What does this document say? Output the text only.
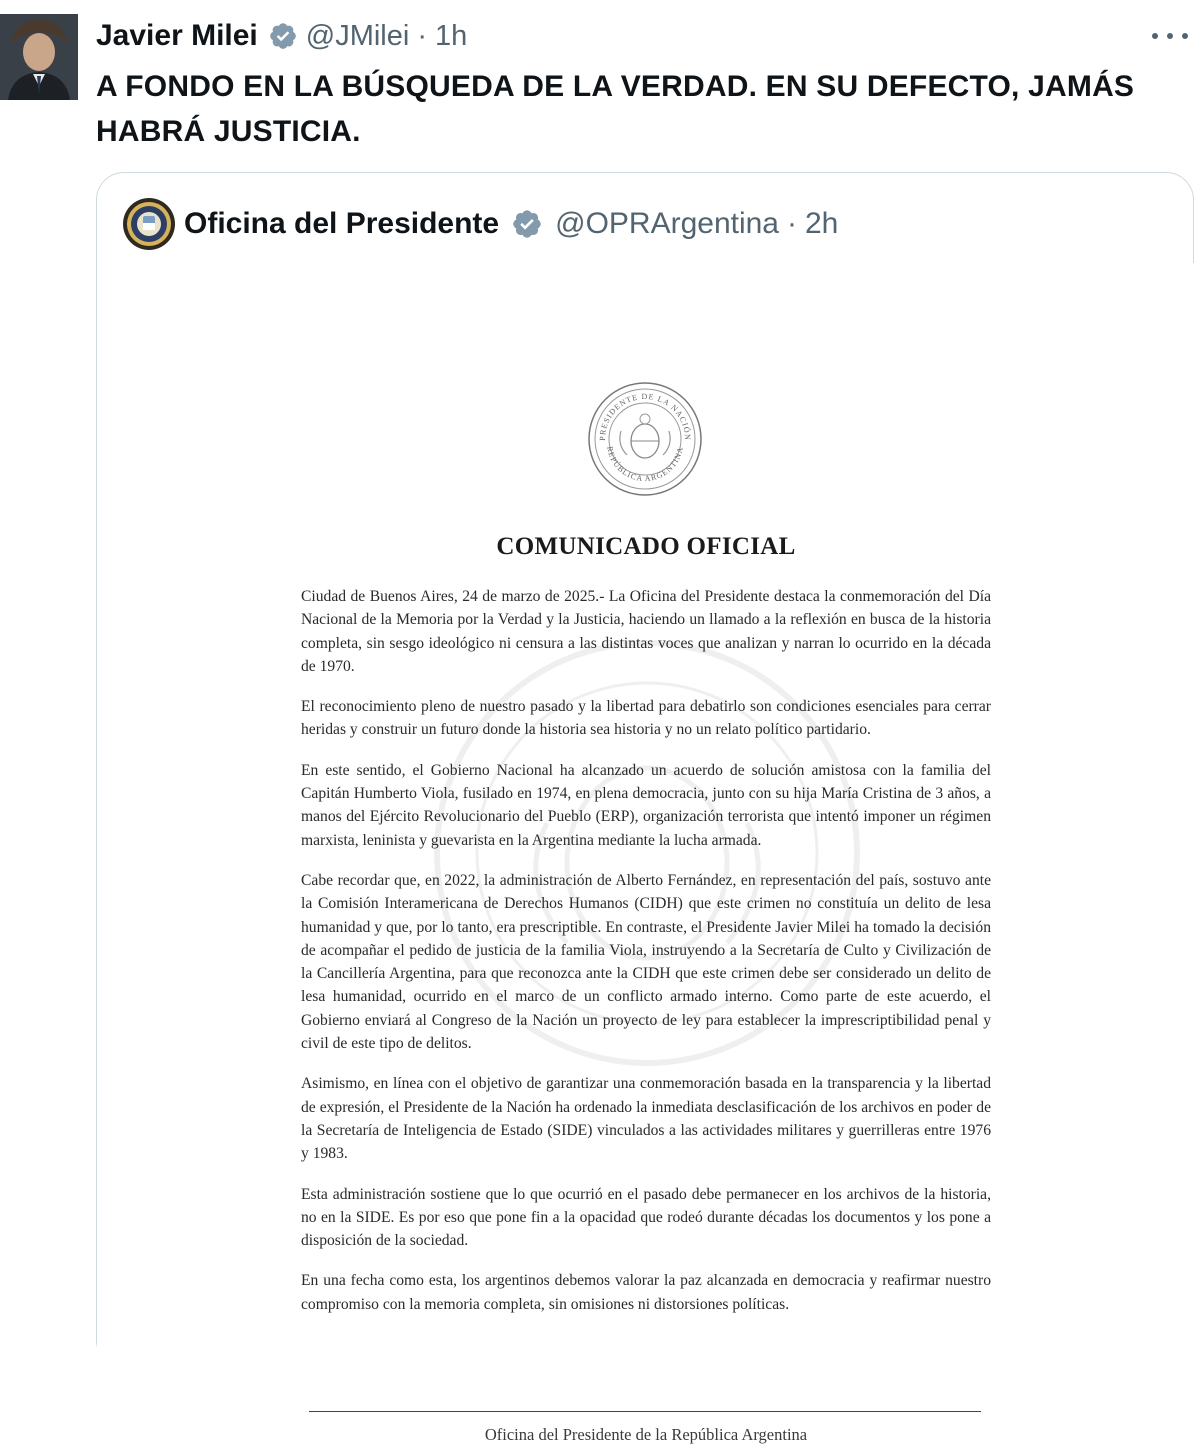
Javier Milei @JMilei · 1h
A FONDO EN LA BÚSQUEDA DE LA VERDAD. EN SU DEFECTO, JAMÁS HABRÁ JUSTICIA.
Oficina del Presidente @OPRArgentina · 2h
PRESIDENTE DE LA NACIÓN
REPÚBLICA ARGENTINA
COMUNICADO OFICIAL

Ciudad de Buenos Aires, 24 de marzo de 2025.- La Oficina del Presidente destaca la conmemoración del Día Nacional de la Memoria por la Verdad y la Justicia, haciendo un llamado a la reflexión en busca de la historia completa, sin sesgo ideológico ni censura a las distintas voces que analizan y narran lo ocurrido en la década de 1970.

El reconocimiento pleno de nuestro pasado y la libertad para debatirlo son condiciones esenciales para cerrar heridas y construir un futuro donde la historia sea historia y no un relato político partidario.

En este sentido, el Gobierno Nacional ha alcanzado un acuerdo de solución amistosa con la familia del Capitán Humberto Viola, fusilado en 1974, en plena democracia, junto con su hija María Cristina de 3 años, a manos del Ejército Revolucionario del Pueblo (ERP), organización terrorista que intentó imponer un régimen marxista, leninista y guevarista en la Argentina mediante la lucha armada.

Cabe recordar que, en 2022, la administración de Alberto Fernández, en representación del país, sostuvo ante la Comisión Interamericana de Derechos Humanos (CIDH) que este crimen no constituía un delito de lesa humanidad y que, por lo tanto, era prescriptible. En contraste, el Presidente Javier Milei ha tomado la decisión de acompañar el pedido de justicia de la familia Viola, instruyendo a la Secretaría de Culto y Civilización de la Cancillería Argentina, para que reconozca ante la CIDH que este crimen debe ser considerado un delito de lesa humanidad, ocurrido en el marco de un conflicto armado interno. Como parte de este acuerdo, el Gobierno enviará al Congreso de la Nación un proyecto de ley para establecer la imprescriptibilidad penal y civil de este tipo de delitos.

Asimismo, en línea con el objetivo de garantizar una conmemoración basada en la transparencia y la libertad de expresión, el Presidente de la Nación ha ordenado la inmediata desclasificación de los archivos en poder de la Secretaría de Inteligencia de Estado (SIDE) vinculados a las actividades militares y guerrilleras entre 1976 y 1983.

Esta administración sostiene que lo que ocurrió en el pasado debe permanecer en los archivos de la historia, no en la SIDE. Es por eso que pone fin a la opacidad que rodeó durante décadas los documentos y los pone a disposición de la sociedad.

En una fecha como esta, los argentinos debemos valorar la paz alcanzada en democracia y reafirmar nuestro compromiso con la memoria completa, sin omisiones ni distorsiones políticas.

Oficina del Presidente de la República Argentina
